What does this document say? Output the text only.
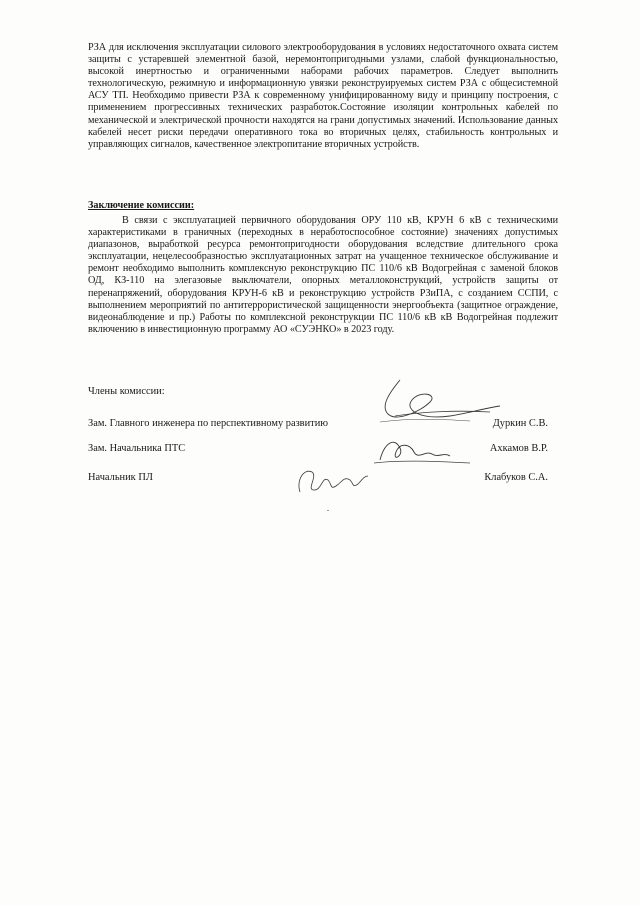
РЗА для исключения эксплуатации силового электрооборудования в условиях недостаточного охвата систем защиты с устаревшей элементной базой, неремонтопригодными узлами, слабой функциональностью, высокой инертностью и ограниченными наборами рабочих параметров. Следует выполнить технологическую, режимную и информационную увязки реконструируемых систем РЗА с общесистемной АСУ ТП. Необходимо привести РЗА к современному унифицированному виду и принципу построения, с применением прогрессивных технических разработок.Состояние изоляции контрольных кабелей по механической и электрической прочности находятся на грани допустимых значений. Использование данных кабелей несет риски передачи оперативного тока во вторичных целях, стабильность контрольных и управляющих сигналов, качественное электропитание вторичных устройств.

Заключение комиссии:

В связи с эксплуатацией первичного оборудования ОРУ 110 кВ, КРУН 6 кВ с техническими характеристиками в граничных (переходных в неработоспособное состояние) значениях допустимых диапазонов, выработкой ресурса ремонтопригодности оборудования вследствие длительного срока эксплуатации, нецелесообразностью эксплуатационных затрат на учащенное техническое обслуживание и ремонт необходимо выполнить комплексную реконструкцию ПС 110/6 кВ Водогрейная с заменой блоков ОД, КЗ-110 на элегазовые выключатели, опорных металлоконструкций, устройств защиты от перенапряжений, оборудования КРУН-6 кВ и реконструкцию устройств РЗиПА, с созданием ССПИ, с выполнением мероприятий по антитеррористической защищенности энергообъекта (защитное ограждение, видеонаблюдение и пр.) Работы по комплексной реконструкции ПС 110/6 кВ кВ Водогрейная подлежит включению в инвестиционную программу АО «СУЭНКО» в 2023 году.

Члены комиссии:
Зам. Главного инженера по перспективному развитию	Дуркин С.В.
Зам. Начальника ПТС	Ахкамов В.Р.
Начальник ПЛ	Клабуков С.А.
